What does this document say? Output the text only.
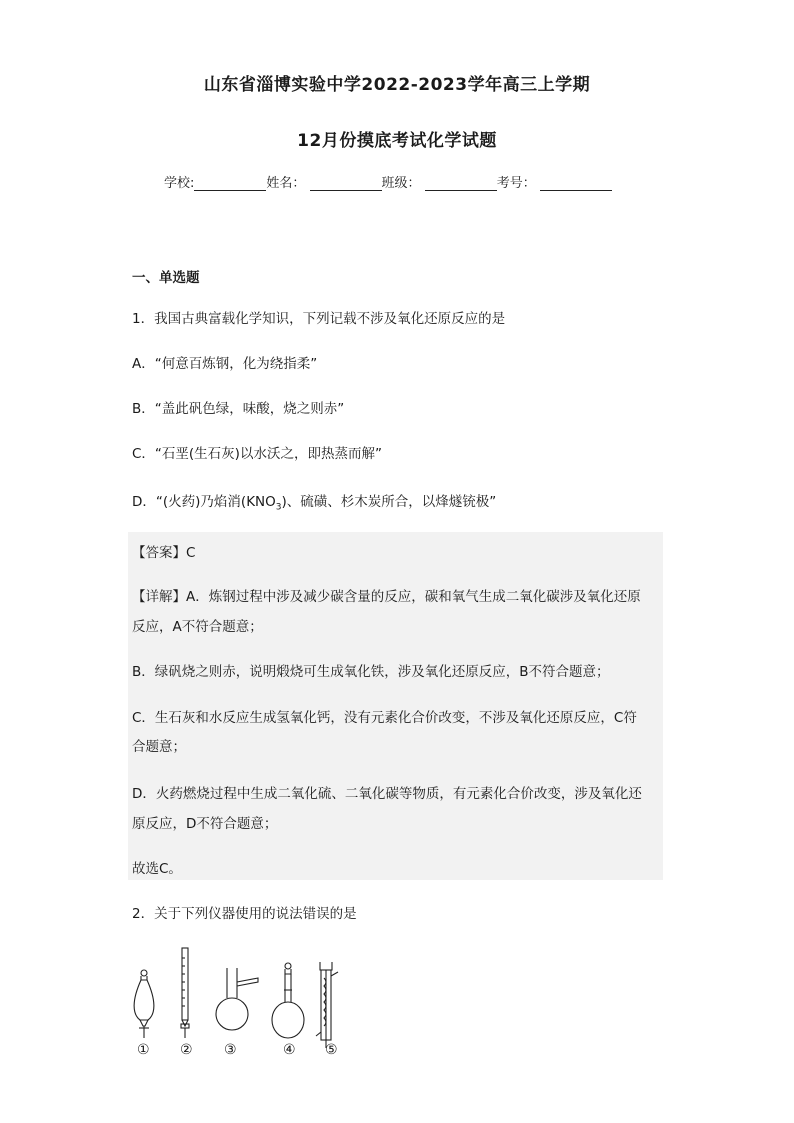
山东省淄博实验中学2022-2023学年高三上学期
12月份摸底考试化学试题
学校:	姓名：	班级：	考号：
一、单选题
1．我国古典富载化学知识，下列记载不涉及氧化还原反应的是
A．“何意百炼钢，化为绕指柔”
B．“盖此矾色绿，味酸，烧之则赤”
C．“石垩(生石灰)以水沃之，即热蒸而解”
D．“(火药)乃焰消$(KNO_3)$、硫磺、杉木炭所合，以烽燧铳极”
【答案】C
【详解】A．炼钢过程中涉及减少碳含量的反应，碳和氧气生成二氧化碳涉及氧化还原
反应，A不符合题意；
B．绿矾烧之则赤，说明煅烧可生成氧化铁，涉及氧化还原反应，B不符合题意；
C．生石灰和水反应生成氢氧化钙，没有元素化合价改变，不涉及氧化还原反应，C符
合题意；
D．火药燃烧过程中生成二氧化硫、二氧化碳等物质，有元素化合价改变，涉及氧化还
原反应，D不符合题意；
故选C。
2．关于下列仪器使用的说法错误的是
① ② ③	④ ⑤
